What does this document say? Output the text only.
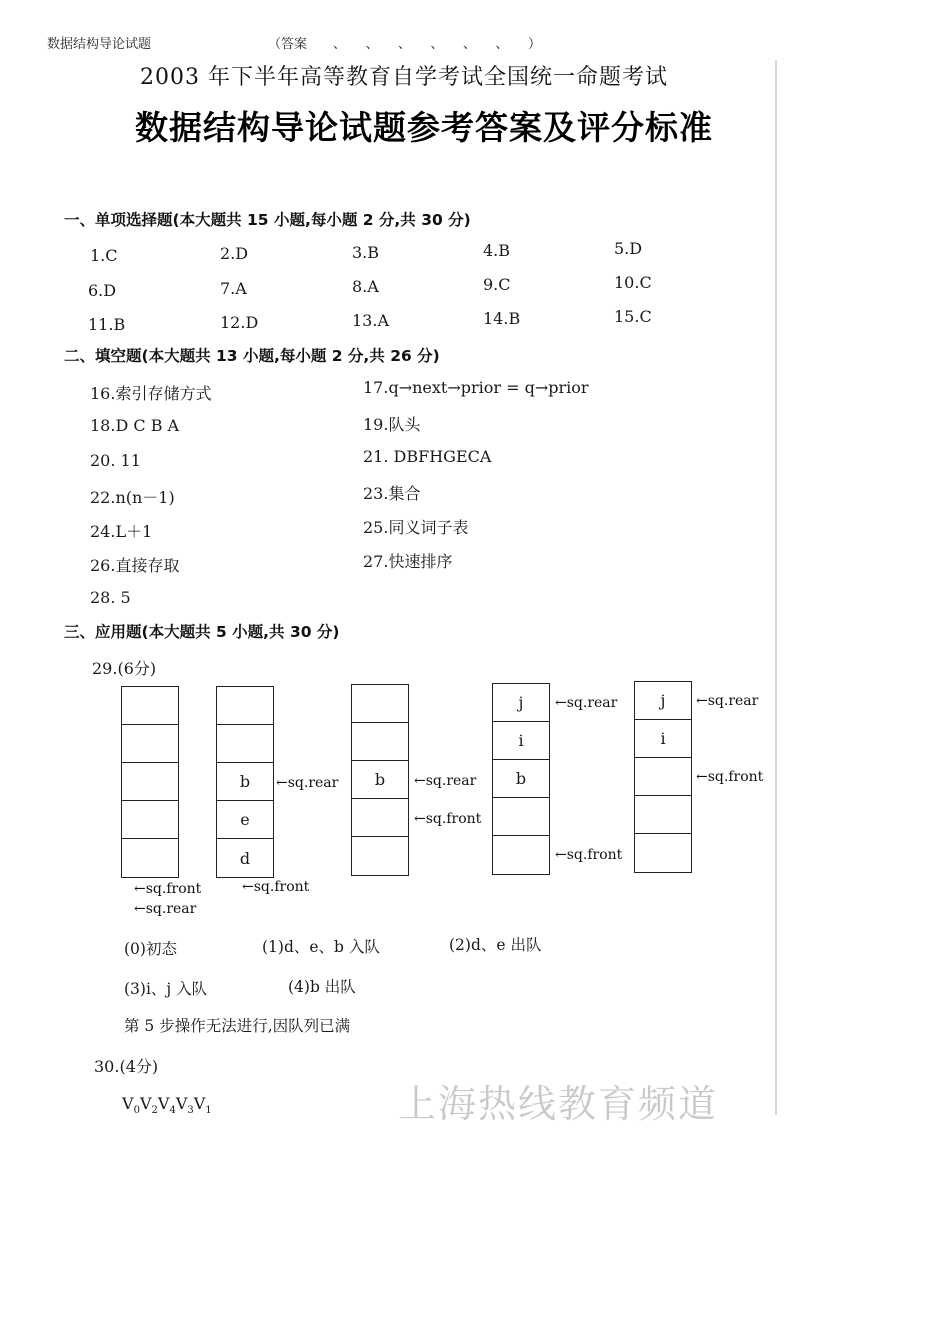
数据结构导论试题	（答案　　、　　、　　、　　、　　、　　、　　）
2003 年下半年高等教育自学考试全国统一命题考试
数据结构导论试题参考答案及评分标准
一、单项选择题(本大题共 15 小题,每小题 2 分,共 30 分)
1.C	2.D	3.B	4.B	5.D
6.D	7.A	8.A	9.C	10.C
11.B	12.D	13.A	14.B	15.C
二、填空题(本大题共 13 小题,每小题 2 分,共 26 分)
16.索引存储方式	17.q→next→prior = q→prior
18.D C B A	19.队头
20. 11	21. DBFHGECA
22.n(n－1)	23.集合
24.L＋1	25.同义词子表
26.直接存取	27.快速排序
28. 5
三、应用题(本大题共 5 小题,共 30 分)
29.(6分)
b
e
d
b
j
i
b
j
i
←sq.front
←sq.rear
←sq.rear
←sq.front
←sq.rear
←sq.front
←sq.rear
←sq.front
←sq.rear
←sq.front
(0)初态	(1)d、e、b 入队	(2)d、e 出队
(3)i、j 入队	(4)b 出队
第 5 步操作无法进行,因队列已满
30.(4分)
$V_0V_2V_4V_3V_1$	上海热线教育频道
